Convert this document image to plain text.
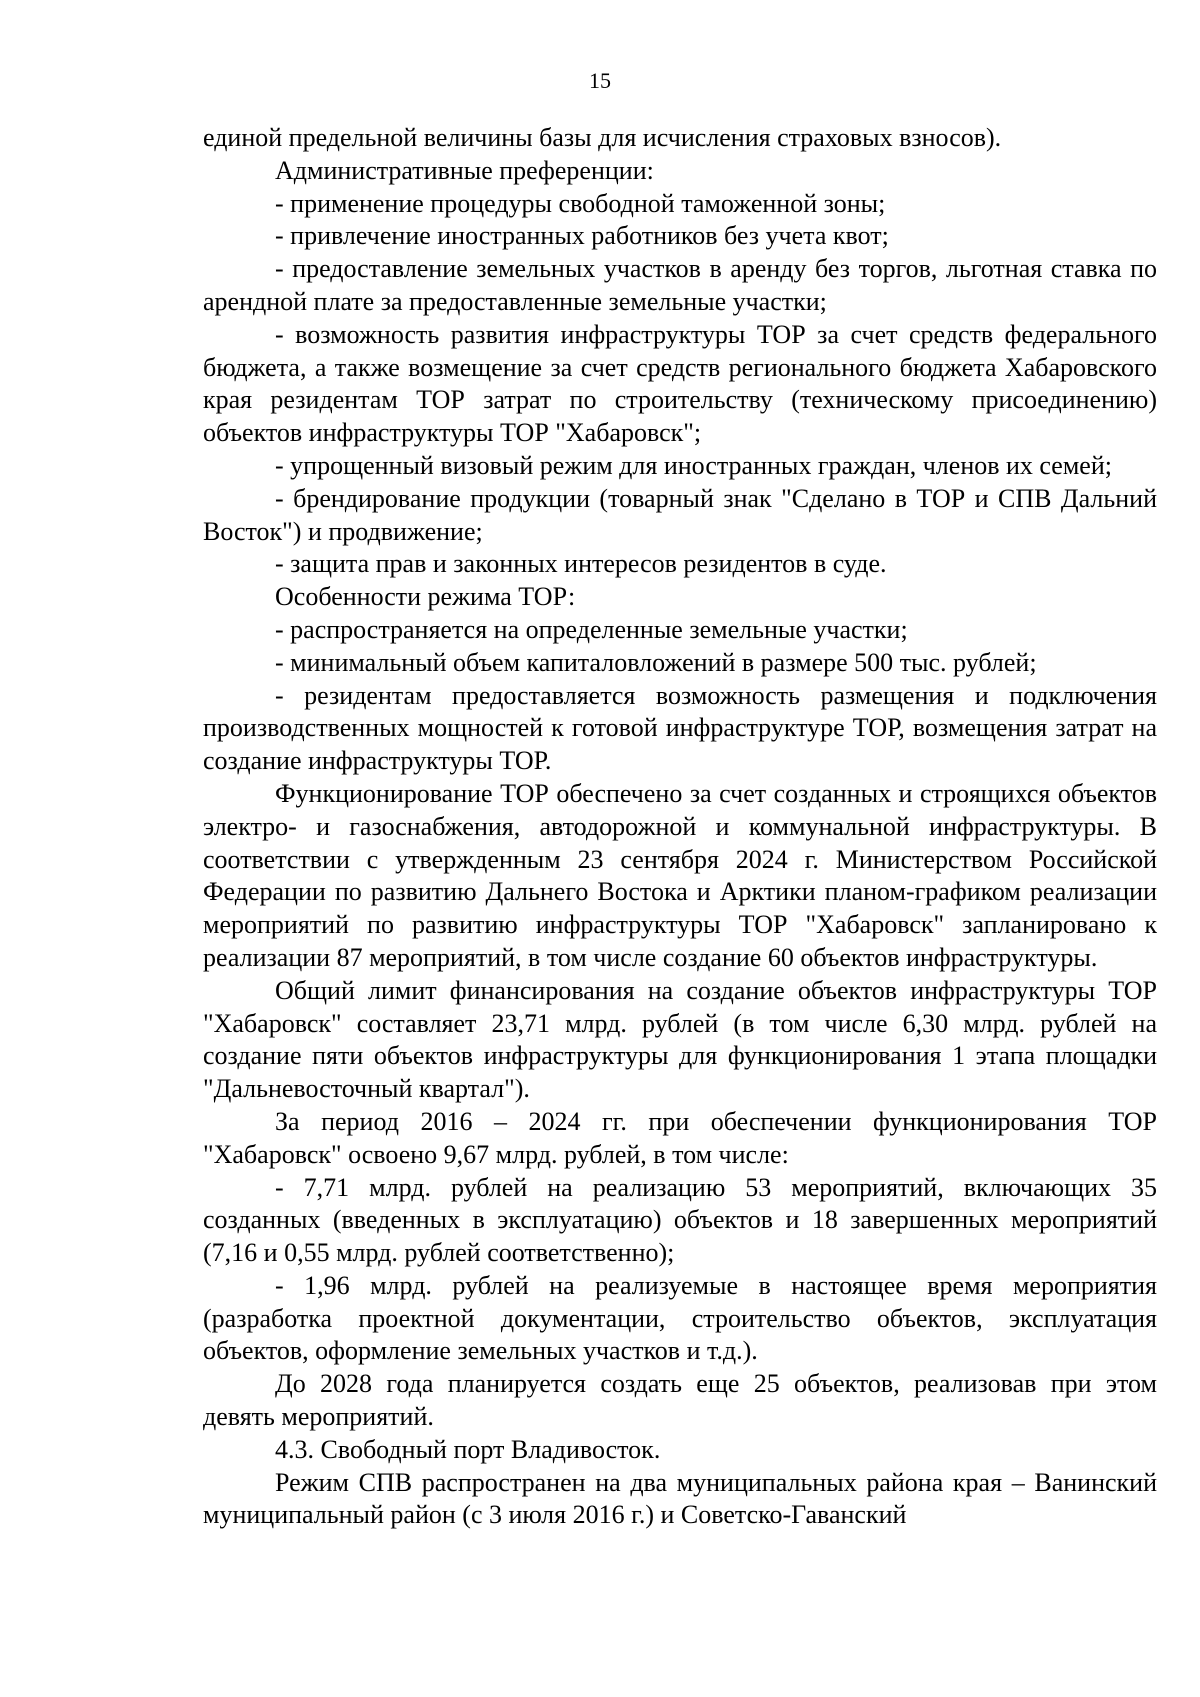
15

единой предельной величины базы для исчисления страховых взносов).

Административные преференции:

- применение процедуры свободной таможенной зоны;

- привлечение иностранных работников без учета квот;

- предоставление земельных участков в аренду без торгов, льготная ставка по арендной плате за предоставленные земельные участки;

- возможность развития инфраструктуры ТОР за счет средств федерального бюджета, а также возмещение за счет средств регионального бюджета Хабаровского края резидентам ТОР затрат по строительству (техническому присоединению) объектов инфраструктуры ТОР "Хабаровск";

- упрощенный визовый режим для иностранных граждан, членов их семей;

- брендирование продукции (товарный знак "Сделано в ТОР и СПВ Дальний Восток") и продвижение;

- защита прав и законных интересов резидентов в суде.

Особенности режима ТОР:

- распространяется на определенные земельные участки;

- минимальный объем капиталовложений в размере 500 тыс. рублей;

- резидентам предоставляется возможность размещения и подключения производственных мощностей к готовой инфраструктуре ТОР, возмещения затрат на создание инфраструктуры ТОР.

Функционирование ТОР обеспечено за счет созданных и строящихся объектов электро- и газоснабжения, автодорожной и коммунальной инфраструктуры. В соответствии с утвержденным 23 сентября 2024 г. Министерством Российской Федерации по развитию Дальнего Востока и Арктики планом-графиком реализации мероприятий по развитию инфраструктуры ТОР "Хабаровск" запланировано к реализации 87 мероприятий, в том числе создание 60 объектов инфраструктуры.

Общий лимит финансирования на создание объектов инфраструктуры ТОР "Хабаровск" составляет 23,71 млрд. рублей (в том числе 6,30 млрд. рублей на создание пяти объектов инфраструктуры для функционирования 1 этапа площадки "Дальневосточный квартал").

За период 2016 – 2024 гг. при обеспечении функционирования ТОР "Хабаровск" освоено 9,67 млрд. рублей, в том числе:

- 7,71 млрд. рублей на реализацию 53 мероприятий, включающих 35 созданных (введенных в эксплуатацию) объектов и 18 завершенных мероприятий (7,16 и 0,55 млрд. рублей соответственно);

- 1,96 млрд. рублей на реализуемые в настоящее время мероприятия (разработка проектной документации, строительство объектов, эксплуатация объектов, оформление земельных участков и т.д.).

До 2028 года планируется создать еще 25 объектов, реализовав при этом девять мероприятий.

4.3. Свободный порт Владивосток.

Режим СПВ распространен на два муниципальных района края – Ванинский муниципальный район (с 3 июля 2016 г.) и Советско-Гаванский
